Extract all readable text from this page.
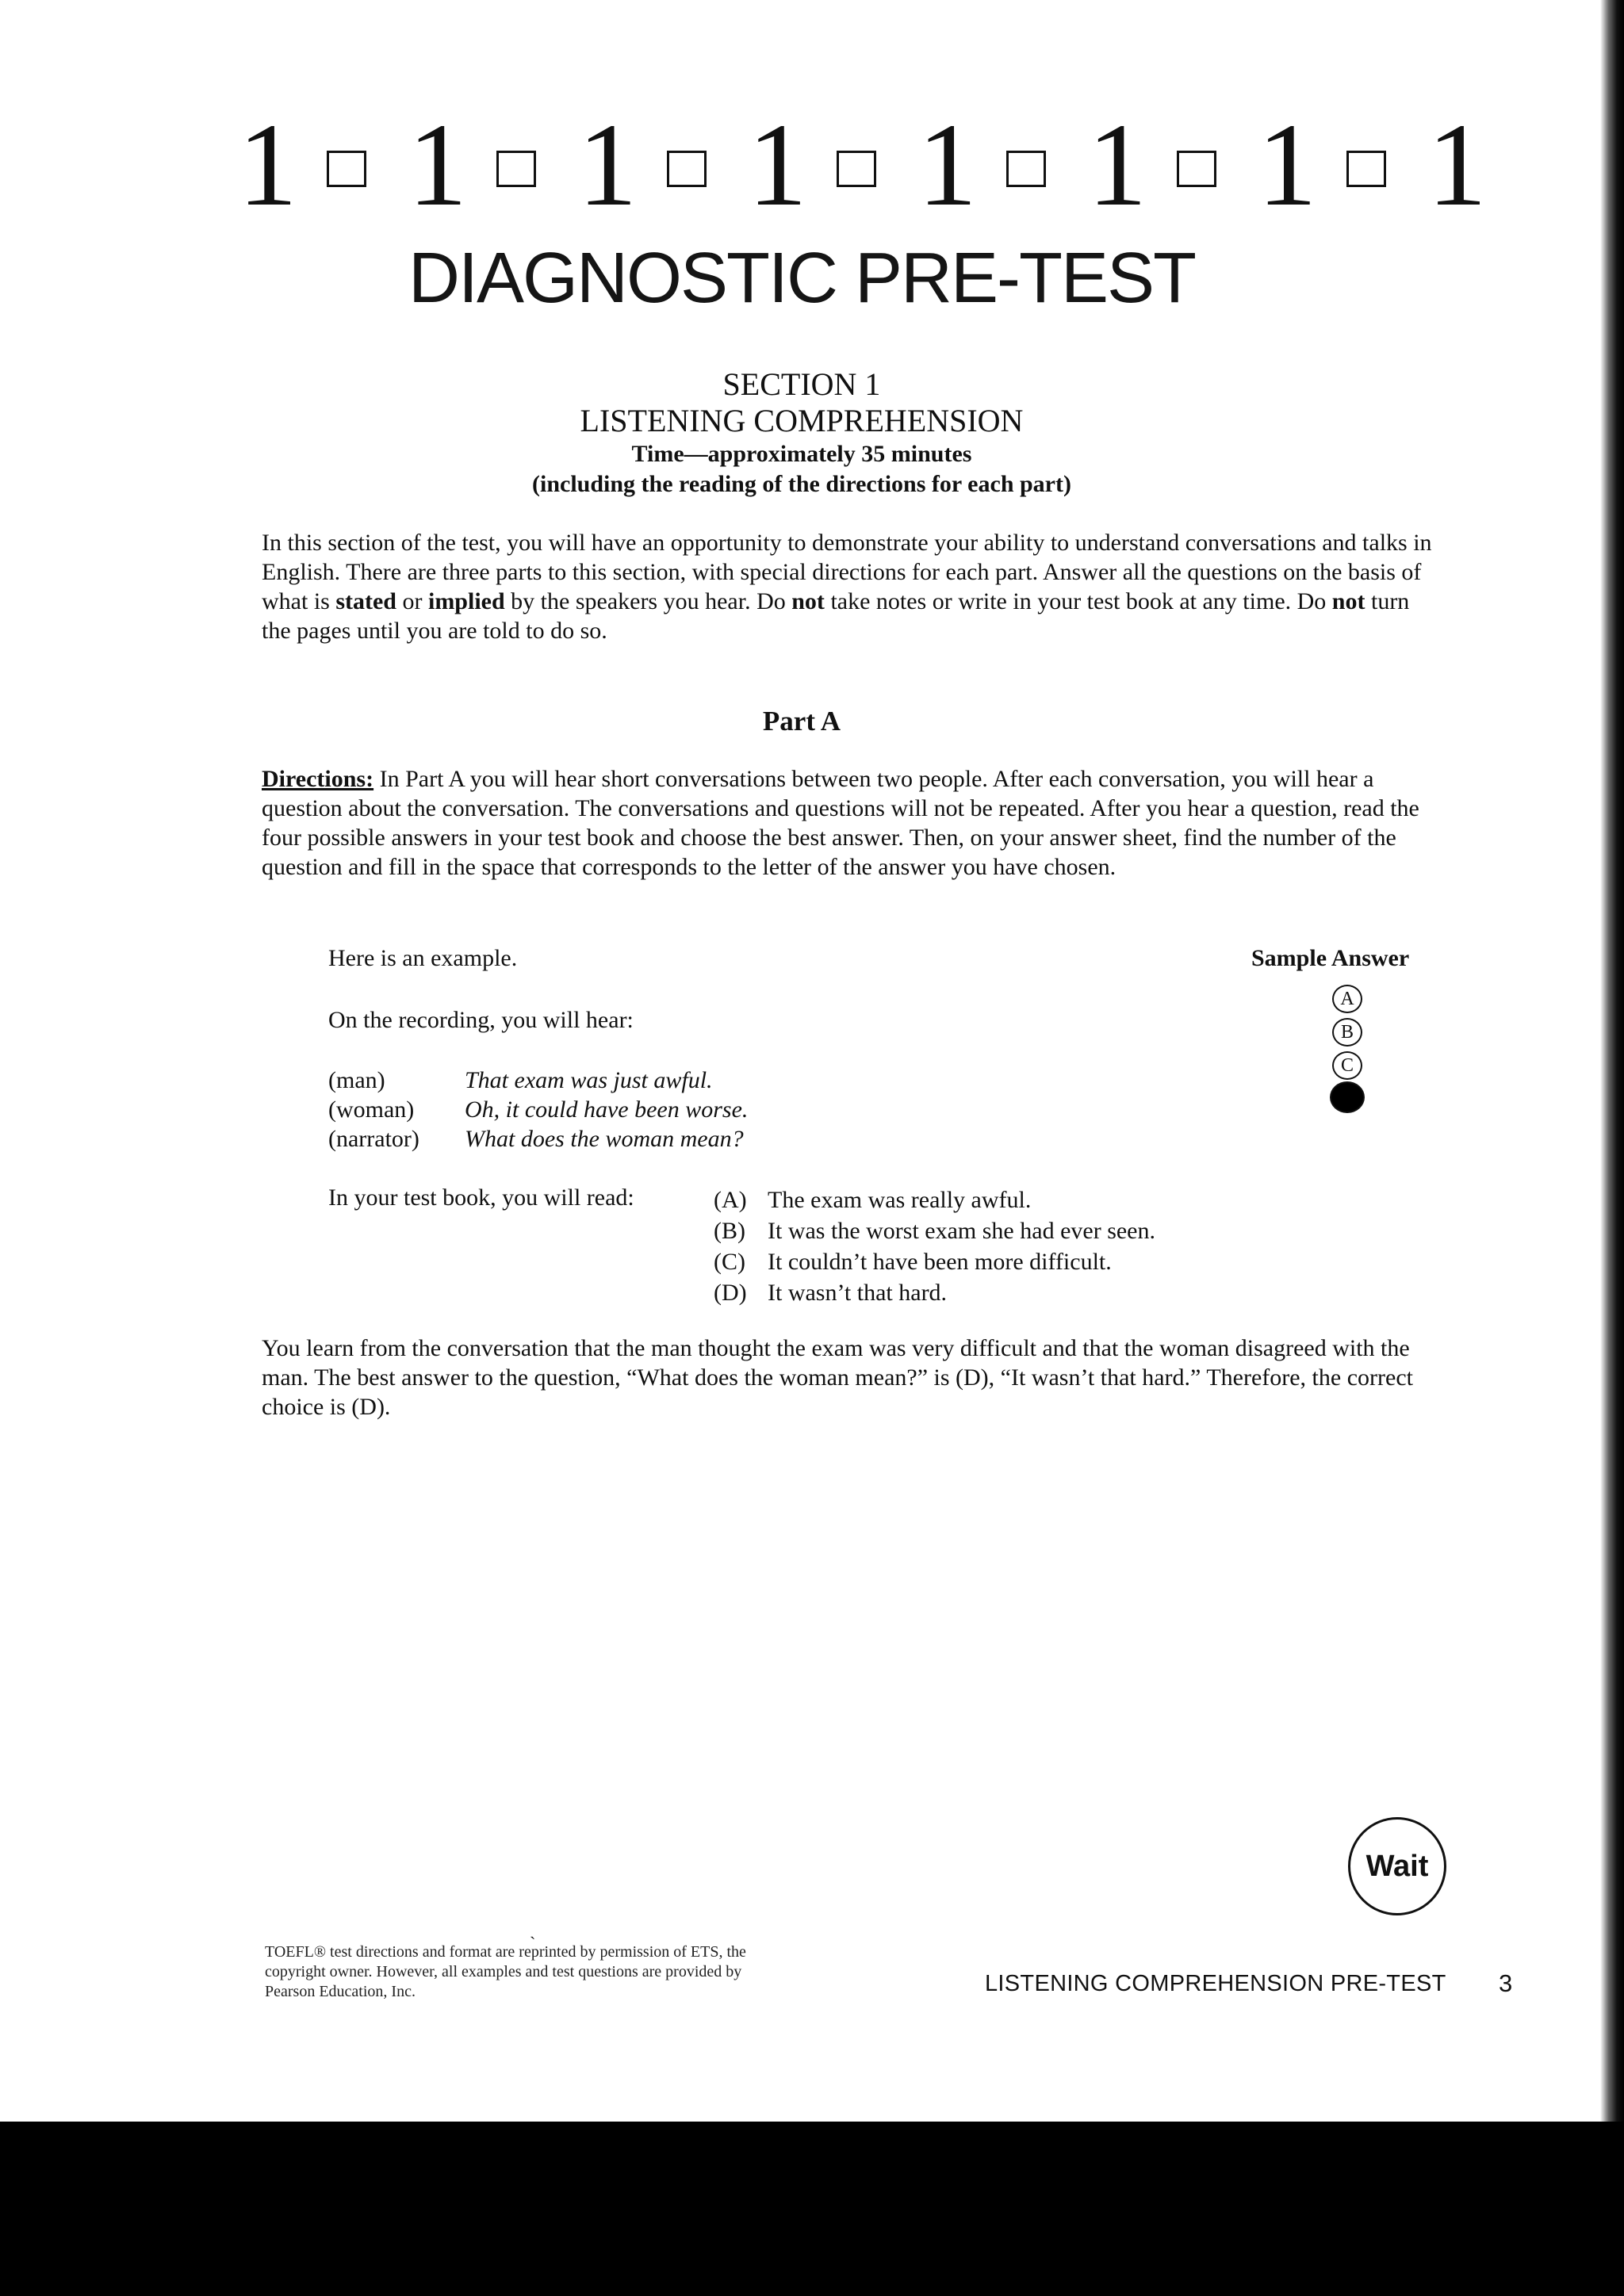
1 1 1 1 1 1 1 1
DIAGNOSTIC PRE-TEST
SECTION 1
LISTENING COMPREHENSION
Time—approximately 35 minutes
(including the reading of the directions for each part)

In this section of the test, you will have an opportunity to demonstrate your ability to understand conversations and talks in English. There are three parts to this section, with special directions for each part. Answer all the questions on the basis of what is stated or implied by the speakers you hear. Do not take notes or write in your test book at any time. Do not turn the pages until you are told to do so.

Part A

Directions: In Part A you will hear short conversations between two people. After each conversation, you will hear a question about the conversation. The conversations and questions will not be repeated. After you hear a question, read the four possible answers in your test book and choose the best answer. Then, on your answer sheet, find the number of the question and fill in the space that corresponds to the letter of the answer you have chosen.

Here is an example.
On the recording, you will hear:
Sample Answer
A
B
C
(man)	That exam was just awful.
(woman) Oh, it could have been worse.
(narrator) What does the woman mean?
In your test book, you will read:	(A) The exam was really awful.
(B) It was the worst exam she had ever seen.
(C) It couldn’t have been more difficult.
(D) It wasn’t that hard.

You learn from the conversation that the man thought the exam was very difficult and that the woman disagreed with the man. The best answer to the question, “What does the woman mean?” is (D), “It wasn’t that hard.” Therefore, the correct choice is (D).

Wait
˴
TOEFL® test directions and format are reprinted by permission of ETS, the copyright owner. However, all examples and test questions are provided by Pearson Education, Inc.	LISTENING COMPREHENSION PRE-TEST 3
